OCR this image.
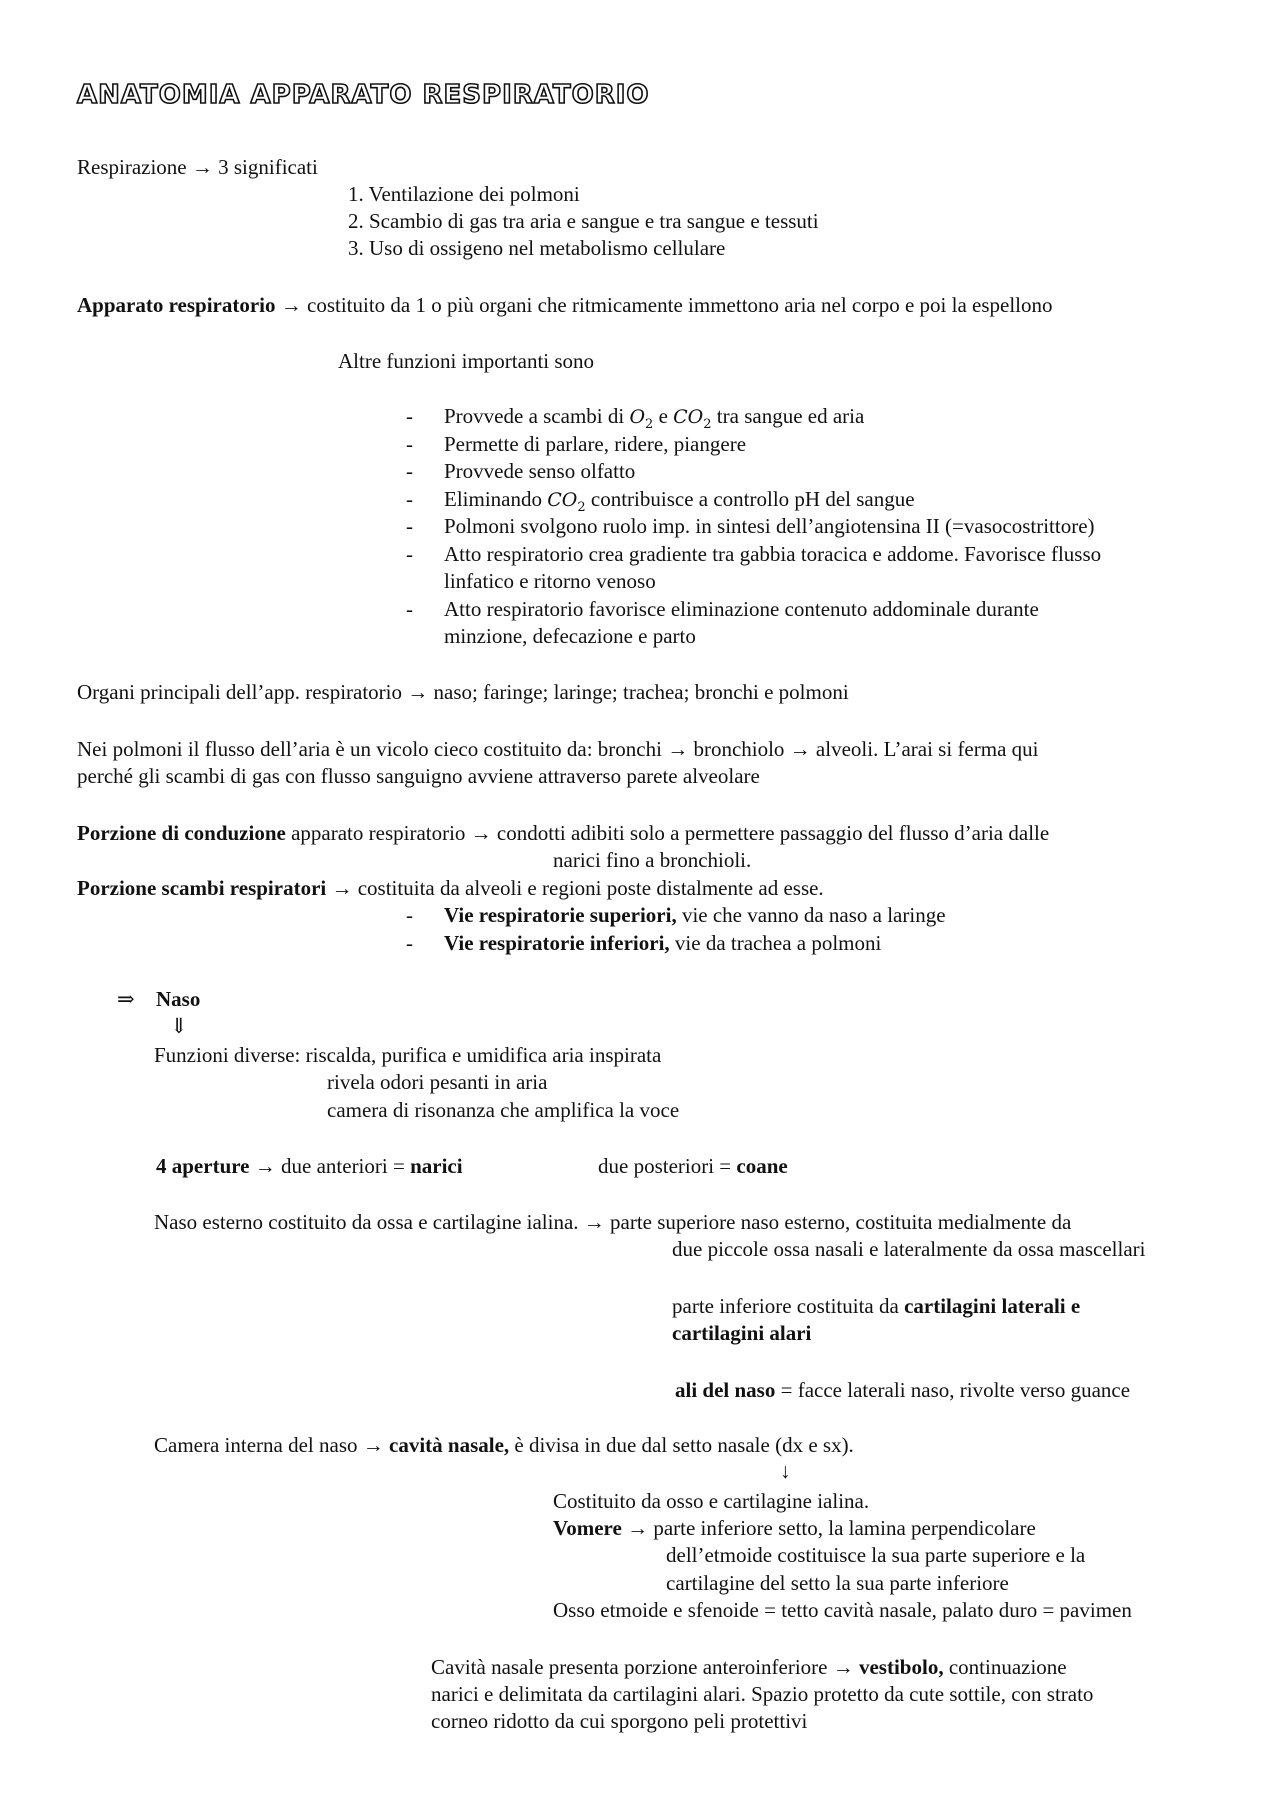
ANATOMIA APPARATO RESPIRATORIO
Respirazione → 3 significati
1. Ventilazione dei polmoni
2. Scambio di gas tra aria e sangue e tra sangue e tessuti
3. Uso di ossigeno nel metabolismo cellulare
Apparato respiratorio → costituito da 1 o più organi che ritmicamente immettono aria nel corpo e poi la espellono
Altre funzioni importanti sono
- Provvede a scambi di $O_2$ e $CO_2$ tra sangue ed aria
- Permette di parlare, ridere, piangere
- Provvede senso olfatto
- Eliminando $CO_2$ contribuisce a controllo pH del sangue
- Polmoni svolgono ruolo imp. in sintesi dell’angiotensina II (=vasocostrittore)
- Atto respiratorio crea gradiente tra gabbia toracica e addome. Favorisce flusso
linfatico e ritorno venoso
- Atto respiratorio favorisce eliminazione contenuto addominale durante
minzione, defecazione e parto
Organi principali dell’app. respiratorio → naso; faringe; laringe; trachea; bronchi e polmoni
Nei polmoni il flusso dell’aria è un vicolo cieco costituito da: bronchi → bronchiolo → alveoli. L’arai si ferma qui
perché gli scambi di gas con flusso sanguigno avviene attraverso parete alveolare
Porzione di conduzione apparato respiratorio → condotti adibiti solo a permettere passaggio del flusso d’aria dalle
narici fino a bronchioli.
Porzione scambi respiratori → costituita da alveoli e regioni poste distalmente ad esse.
- Vie respiratorie superiori, vie che vanno da naso a laringe
- Vie respiratorie inferiori, vie da trachea a polmoni
⇒ Naso
⇓
Funzioni diverse: riscalda, purifica e umidifica aria inspirata
rivela odori pesanti in aria
camera di risonanza che amplifica la voce
4 aperture → due anteriori = narici	due posteriori = coane
Naso esterno costituito da ossa e cartilagine ialina. → parte superiore naso esterno, costituita medialmente da
due piccole ossa nasali e lateralmente da ossa mascellari
parte inferiore costituita da cartilagini laterali e
cartilagini alari
ali del naso = facce laterali naso, rivolte verso guance
Camera interna del naso → cavità nasale, è divisa in due dal setto nasale (dx e sx).
↓
Costituito da osso e cartilagine ialina.
Vomere → parte inferiore setto, la lamina perpendicolare
dell’etmoide costituisce la sua parte superiore e la
cartilagine del setto la sua parte inferiore
Osso etmoide e sfenoide = tetto cavità nasale, palato duro = pavimen
Cavità nasale presenta porzione anteroinferiore → vestibolo, continuazione
narici e delimitata da cartilagini alari. Spazio protetto da cute sottile, con strato
corneo ridotto da cui sporgono peli protettivi
